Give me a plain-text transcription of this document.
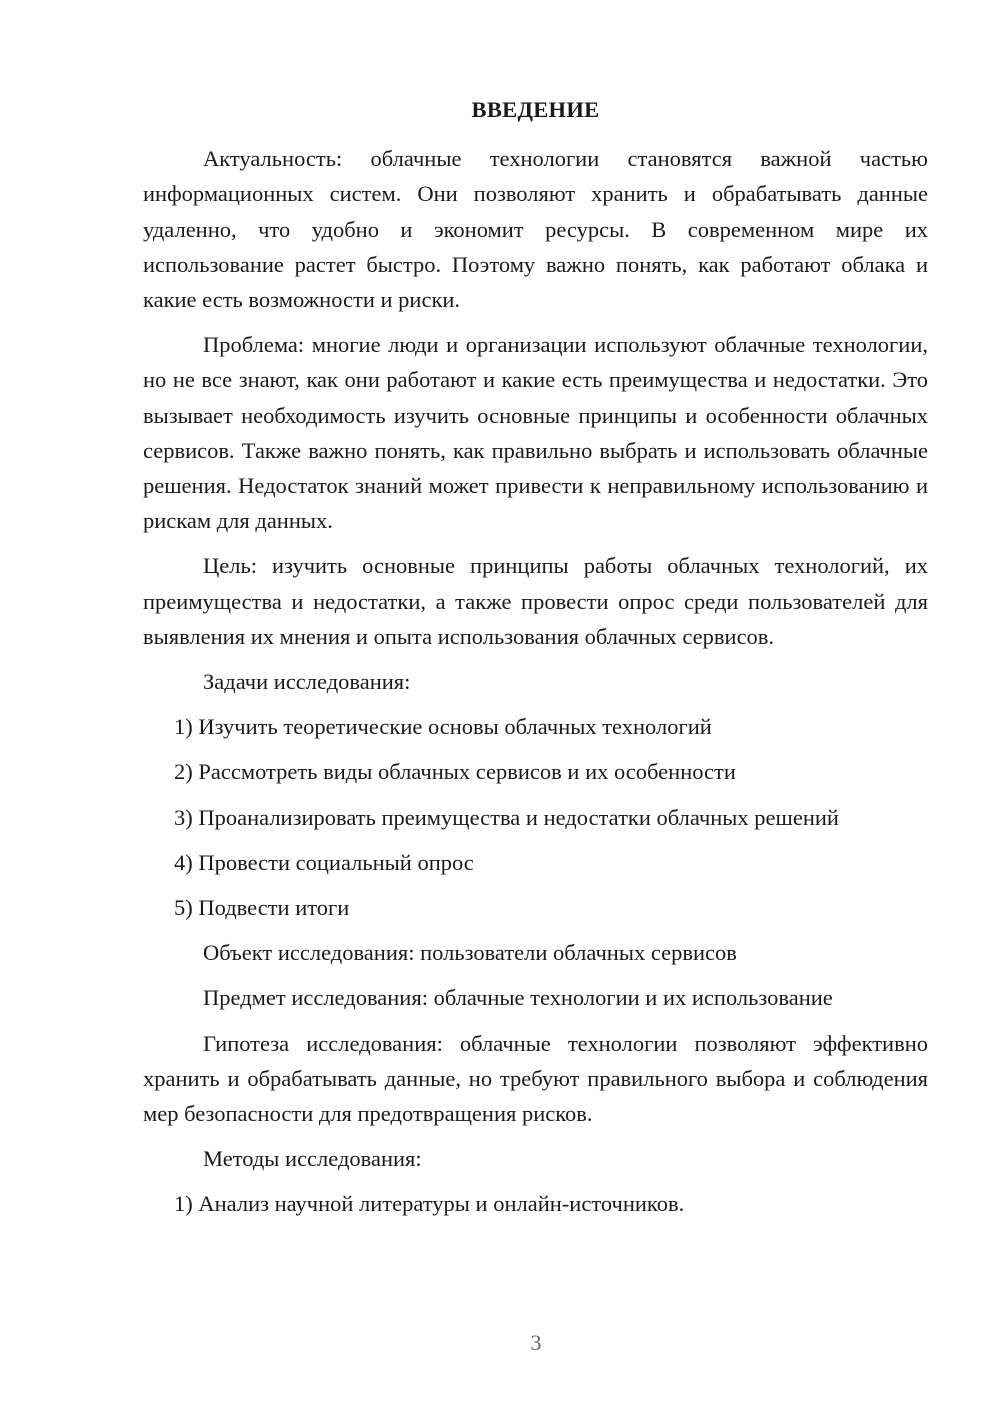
ВВЕДЕНИЕ

Актуальность: облачные технологии становятся важной частью информационных систем. Они позволяют хранить и обрабатывать данные удаленно, что удобно и экономит ресурсы. В современном мире их использование растет быстро. Поэтому важно понять, как работают облака и какие есть возможности и риски.

Проблема: многие люди и организации используют облачные технологии, но не все знают, как они работают и какие есть преимущества и недостатки. Это вызывает необходимость изучить основные принципы и особенности облачных сервисов. Также важно понять, как правильно выбрать и использовать облачные решения. Недостаток знаний может привести к неправильному использованию и рискам для данных.

Цель: изучить основные принципы работы облачных технологий, их преимущества и недостатки, а также провести опрос среди пользователей для выявления их мнения и опыта использования облачных сервисов.

Задачи исследования:

1) Изучить теоретические основы облачных технологий

2) Рассмотреть виды облачных сервисов и их особенности

3) Проанализировать преимущества и недостатки облачных решений

4) Провести социальный опрос

5) Подвести итоги

Объект исследования: пользователи облачных сервисов

Предмет исследования: облачные технологии и их использование

Гипотеза исследования: облачные технологии позволяют эффективно хранить и обрабатывать данные, но требуют правильного выбора и соблюдения мер безопасности для предотвращения рисков.

Методы исследования:

1) Анализ научной литературы и онлайн-источников.

3
